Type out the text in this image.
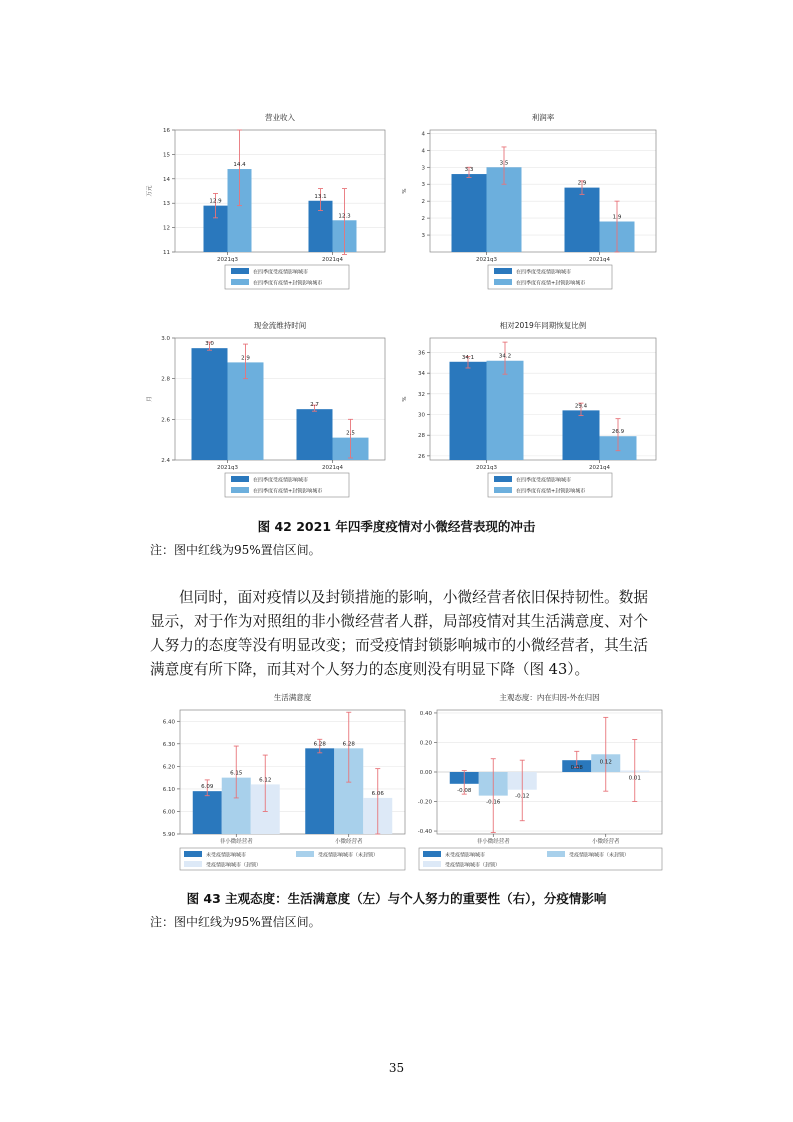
营业收入
11
12
13
14
15
16
万元
12.9
14.4
2021q3
13.1
12.3
2021q4
在四季度受疫情影响城市
在四季度有疫情+封锁影响城市
利润率
3
2
2
3
3
4
4
%
3.3
3.5
2021q3
2.9
1.9
2021q4
在四季度受疫情影响城市
在四季度有疫情+封锁影响城市
现金流维持时间
2.4
2.6
2.8
3.0
月
3.0
2.9
2021q3
2.7
2.5
2021q4
在四季度受疫情影响城市
在四季度有疫情+封锁影响城市
相对2019年同期恢复比例
26
28
30
32
34
36
%
34.1	34.2
2021q3
29.4
26.9
2021q4
在四季度受疫情影响城市
在四季度有疫情+封锁影响城市
图 42 2021 年四季度疫情对小微经营表现的冲击
注：图中红线为95%置信区间。
但同时，面对疫情以及封锁措施的影响，小微经营者依旧保持韧性。数据显示，对于作为对照组的非小微经营者人群，局部疫情对其生活满意度、对个人努力的态度等没有明显改变；而受疫情封锁影响城市的小微经营者，其生活满意度有所下降，而其对个人努力的态度则没有明显下降（图 43）。
生活满意度
5.90
6.00
6.10
6.20
6.30
6.40
6.09
6.15
6.12
非小微经营者
6.28	6.28
6.06
小微经营者
未受疫情影响城市	受疫情影响城市（未封锁）
受疫情影响城市（封锁）
主观态度：内在归因-外在归因
-0.40
-0.20
0.00
0.20
0.40
-0.08
-0.16
-0.12
非小微经营者
0.08
0.12
0.01
小微经营者
未受疫情影响城市	受疫情影响城市（未封锁）
受疫情影响城市（封锁）
图 43 主观态度：生活满意度（左）与个人努力的重要性（右），分疫情影响
注：图中红线为95%置信区间。
35
